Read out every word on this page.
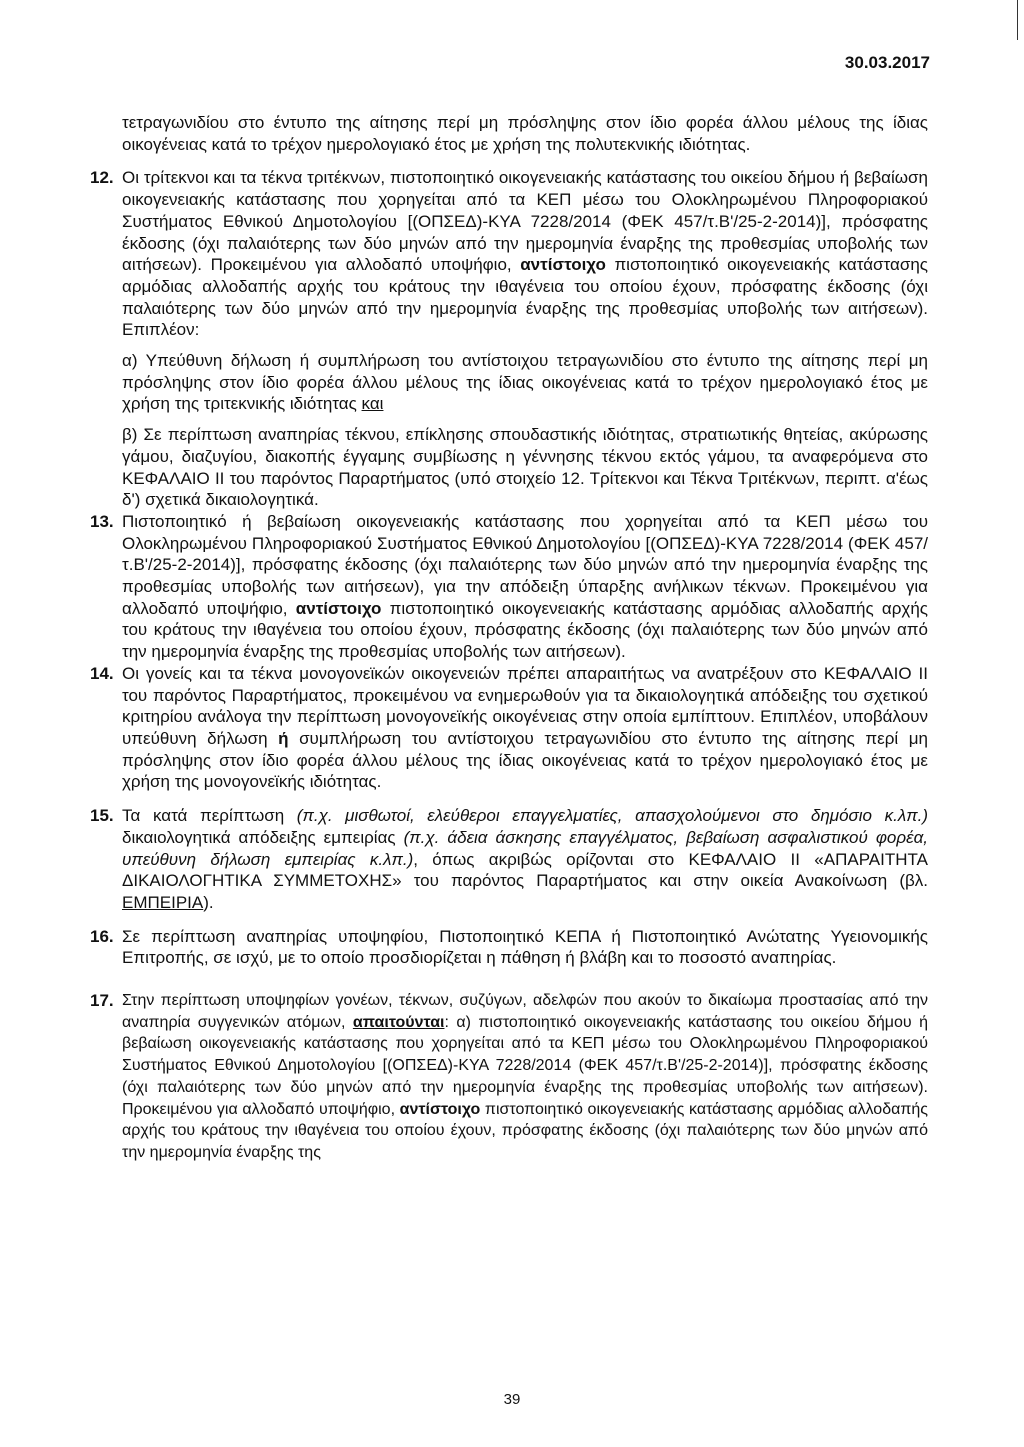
30.03.2017

τετραγωνιδίου στο έντυπο της αίτησης περί μη πρόσληψης στον ίδιο φορέα άλλου μέλους της ίδιας οικογένειας κατά το τρέχον ημερολογιακό έτος με χρήση της πολυτεκνικής ιδιότητας.

12. Οι τρίτεκνοι και τα τέκνα τριτέκνων, πιστοποιητικό οικογενειακής κατάστασης του οικείου δήμου ή βεβαίωση οικογενειακής κατάστασης που χορηγείται από τα ΚΕΠ μέσω του Ολοκληρωμένου Πληροφοριακού Συστήματος Εθνικού Δημοτολογίου [(ΟΠΣΕΔ)-ΚΥΑ 7228/2014 (ΦΕΚ 457/τ.Β'/25-2-2014)], πρόσφατης έκδοσης (όχι παλαιότερης των δύο μηνών από την ημερομηνία έναρξης της προθεσμίας υποβολής των αιτήσεων). Προκειμένου για αλλοδαπό υποψήφιο, αντίστοιχο πιστοποιητικό οικογενειακής κατάστασης αρμόδιας αλλοδαπής αρχής του κράτους την ιθαγένεια του οποίου έχουν, πρόσφατης έκδοσης (όχι παλαιότερης των δύο μηνών από την ημερομηνία έναρξης της προθεσμίας υποβολής των αιτήσεων). Επιπλέον:

α) Υπεύθυνη δήλωση ή συμπλήρωση του αντίστοιχου τετραγωνιδίου στο έντυπο της αίτησης περί μη πρόσληψης στον ίδιο φορέα άλλου μέλους της ίδιας οικογένειας κατά το τρέχον ημερολογιακό έτος με χρήση της τριτεκνικής ιδιότητας και

β) Σε περίπτωση αναπηρίας τέκνου, επίκλησης σπουδαστικής ιδιότητας, στρατιωτικής θητείας, ακύρωσης γάμου, διαζυγίου, διακοπής έγγαμης συμβίωσης η γέννησης τέκνου εκτός γάμου, τα αναφερόμενα στο ΚΕΦΑΛΑΙΟ ΙΙ του παρόντος Παραρτήματος (υπό στοιχείο 12. Τρίτεκνοι και Τέκνα Τριτέκνων, περιπτ. α'έως δ') σχετικά δικαιολογητικά.

13. Πιστοποιητικό ή βεβαίωση οικογενειακής κατάστασης που χορηγείται από τα ΚΕΠ μέσω του Ολοκληρωμένου Πληροφοριακού Συστήματος Εθνικού Δημοτολογίου [(ΟΠΣΕΔ)-ΚΥΑ 7228/2014 (ΦΕΚ 457/τ.Β'/25-2-2014)], πρόσφατης έκδοσης (όχι παλαιότερης των δύο μηνών από την ημερομηνία έναρξης της προθεσμίας υποβολής των αιτήσεων), για την απόδειξη ύπαρξης ανήλικων τέκνων. Προκειμένου για αλλοδαπό υποψήφιο, αντίστοιχο πιστοποιητικό οικογενειακής κατάστασης αρμόδιας αλλοδαπής αρχής του κράτους την ιθαγένεια του οποίου έχουν, πρόσφατης έκδοσης (όχι παλαιότερης των δύο μηνών από την ημερομηνία έναρξης της προθεσμίας υποβολής των αιτήσεων).

14. Οι γονείς και τα τέκνα μονογονεϊκών οικογενειών πρέπει απαραιτήτως να ανατρέξουν στο ΚΕΦΑΛΑΙΟ ΙΙ του παρόντος Παραρτήματος, προκειμένου να ενημερωθούν για τα δικαιολογητικά απόδειξης του σχετικού κριτηρίου ανάλογα την περίπτωση μονογονεϊκής οικογένειας στην οποία εμπίπτουν. Επιπλέον, υποβάλουν υπεύθυνη δήλωση ή συμπλήρωση του αντίστοιχου τετραγωνιδίου στο έντυπο της αίτησης περί μη πρόσληψης στον ίδιο φορέα άλλου μέλους της ίδιας οικογένειας κατά το τρέχον ημερολογιακό έτος με χρήση της μονογονεϊκής ιδιότητας.

15. Τα κατά περίπτωση (π.χ. μισθωτοί, ελεύθεροι επαγγελματίες, απασχολούμενοι στο δημόσιο κ.λπ.) δικαιολογητικά απόδειξης εμπειρίας (π.χ. άδεια άσκησης επαγγέλματος, βεβαίωση ασφαλιστικού φορέα, υπεύθυνη δήλωση εμπειρίας κ.λπ.), όπως ακριβώς ορίζονται στο ΚΕΦΑΛΑΙΟ ΙΙ «ΑΠΑΡΑΙΤΗΤΑ ΔΙΚΑΙΟΛΟΓΗΤΙΚΑ ΣΥΜΜΕΤΟΧΗΣ» του παρόντος Παραρτήματος και στην οικεία Ανακοίνωση (βλ. ΕΜΠΕΙΡΙΑ).

16. Σε περίπτωση αναπηρίας υποψηφίου, Πιστοποιητικό ΚΕΠΑ ή Πιστοποιητικό Ανώτατης Υγειονομικής Επιτροπής, σε ισχύ, με το οποίο προσδιορίζεται η πάθηση ή βλάβη και το ποσοστό αναπηρίας.

17. Στην περίπτωση υποψηφίων γονέων, τέκνων, συζύγων, αδελφών που ακούν το δικαίωμα προστασίας από την αναπηρία συγγενικών ατόμων, απαιτούνται: α) πιστοποιητικό οικογενειακής κατάστασης του οικείου δήμου ή βεβαίωση οικογενειακής κατάστασης που χορηγείται από τα ΚΕΠ μέσω του Ολοκληρωμένου Πληροφοριακού Συστήματος Εθνικού Δημοτολογίου [(ΟΠΣΕΔ)-ΚΥΑ 7228/2014 (ΦΕΚ 457/τ.Β'/25-2-2014)], πρόσφατης έκδοσης (όχι παλαιότερης των δύο μηνών από την ημερομηνία έναρξης της προθεσμίας υποβολής των αιτήσεων). Προκειμένου για αλλοδαπό υποψήφιο, αντίστοιχο πιστοποιητικό οικογενειακής κατάστασης αρμόδιας αλλοδαπής αρχής του κράτους την ιθαγένεια του οποίου έχουν, πρόσφατης έκδοσης (όχι παλαιότερης των δύο μηνών από την ημερομηνία έναρξης της

39
